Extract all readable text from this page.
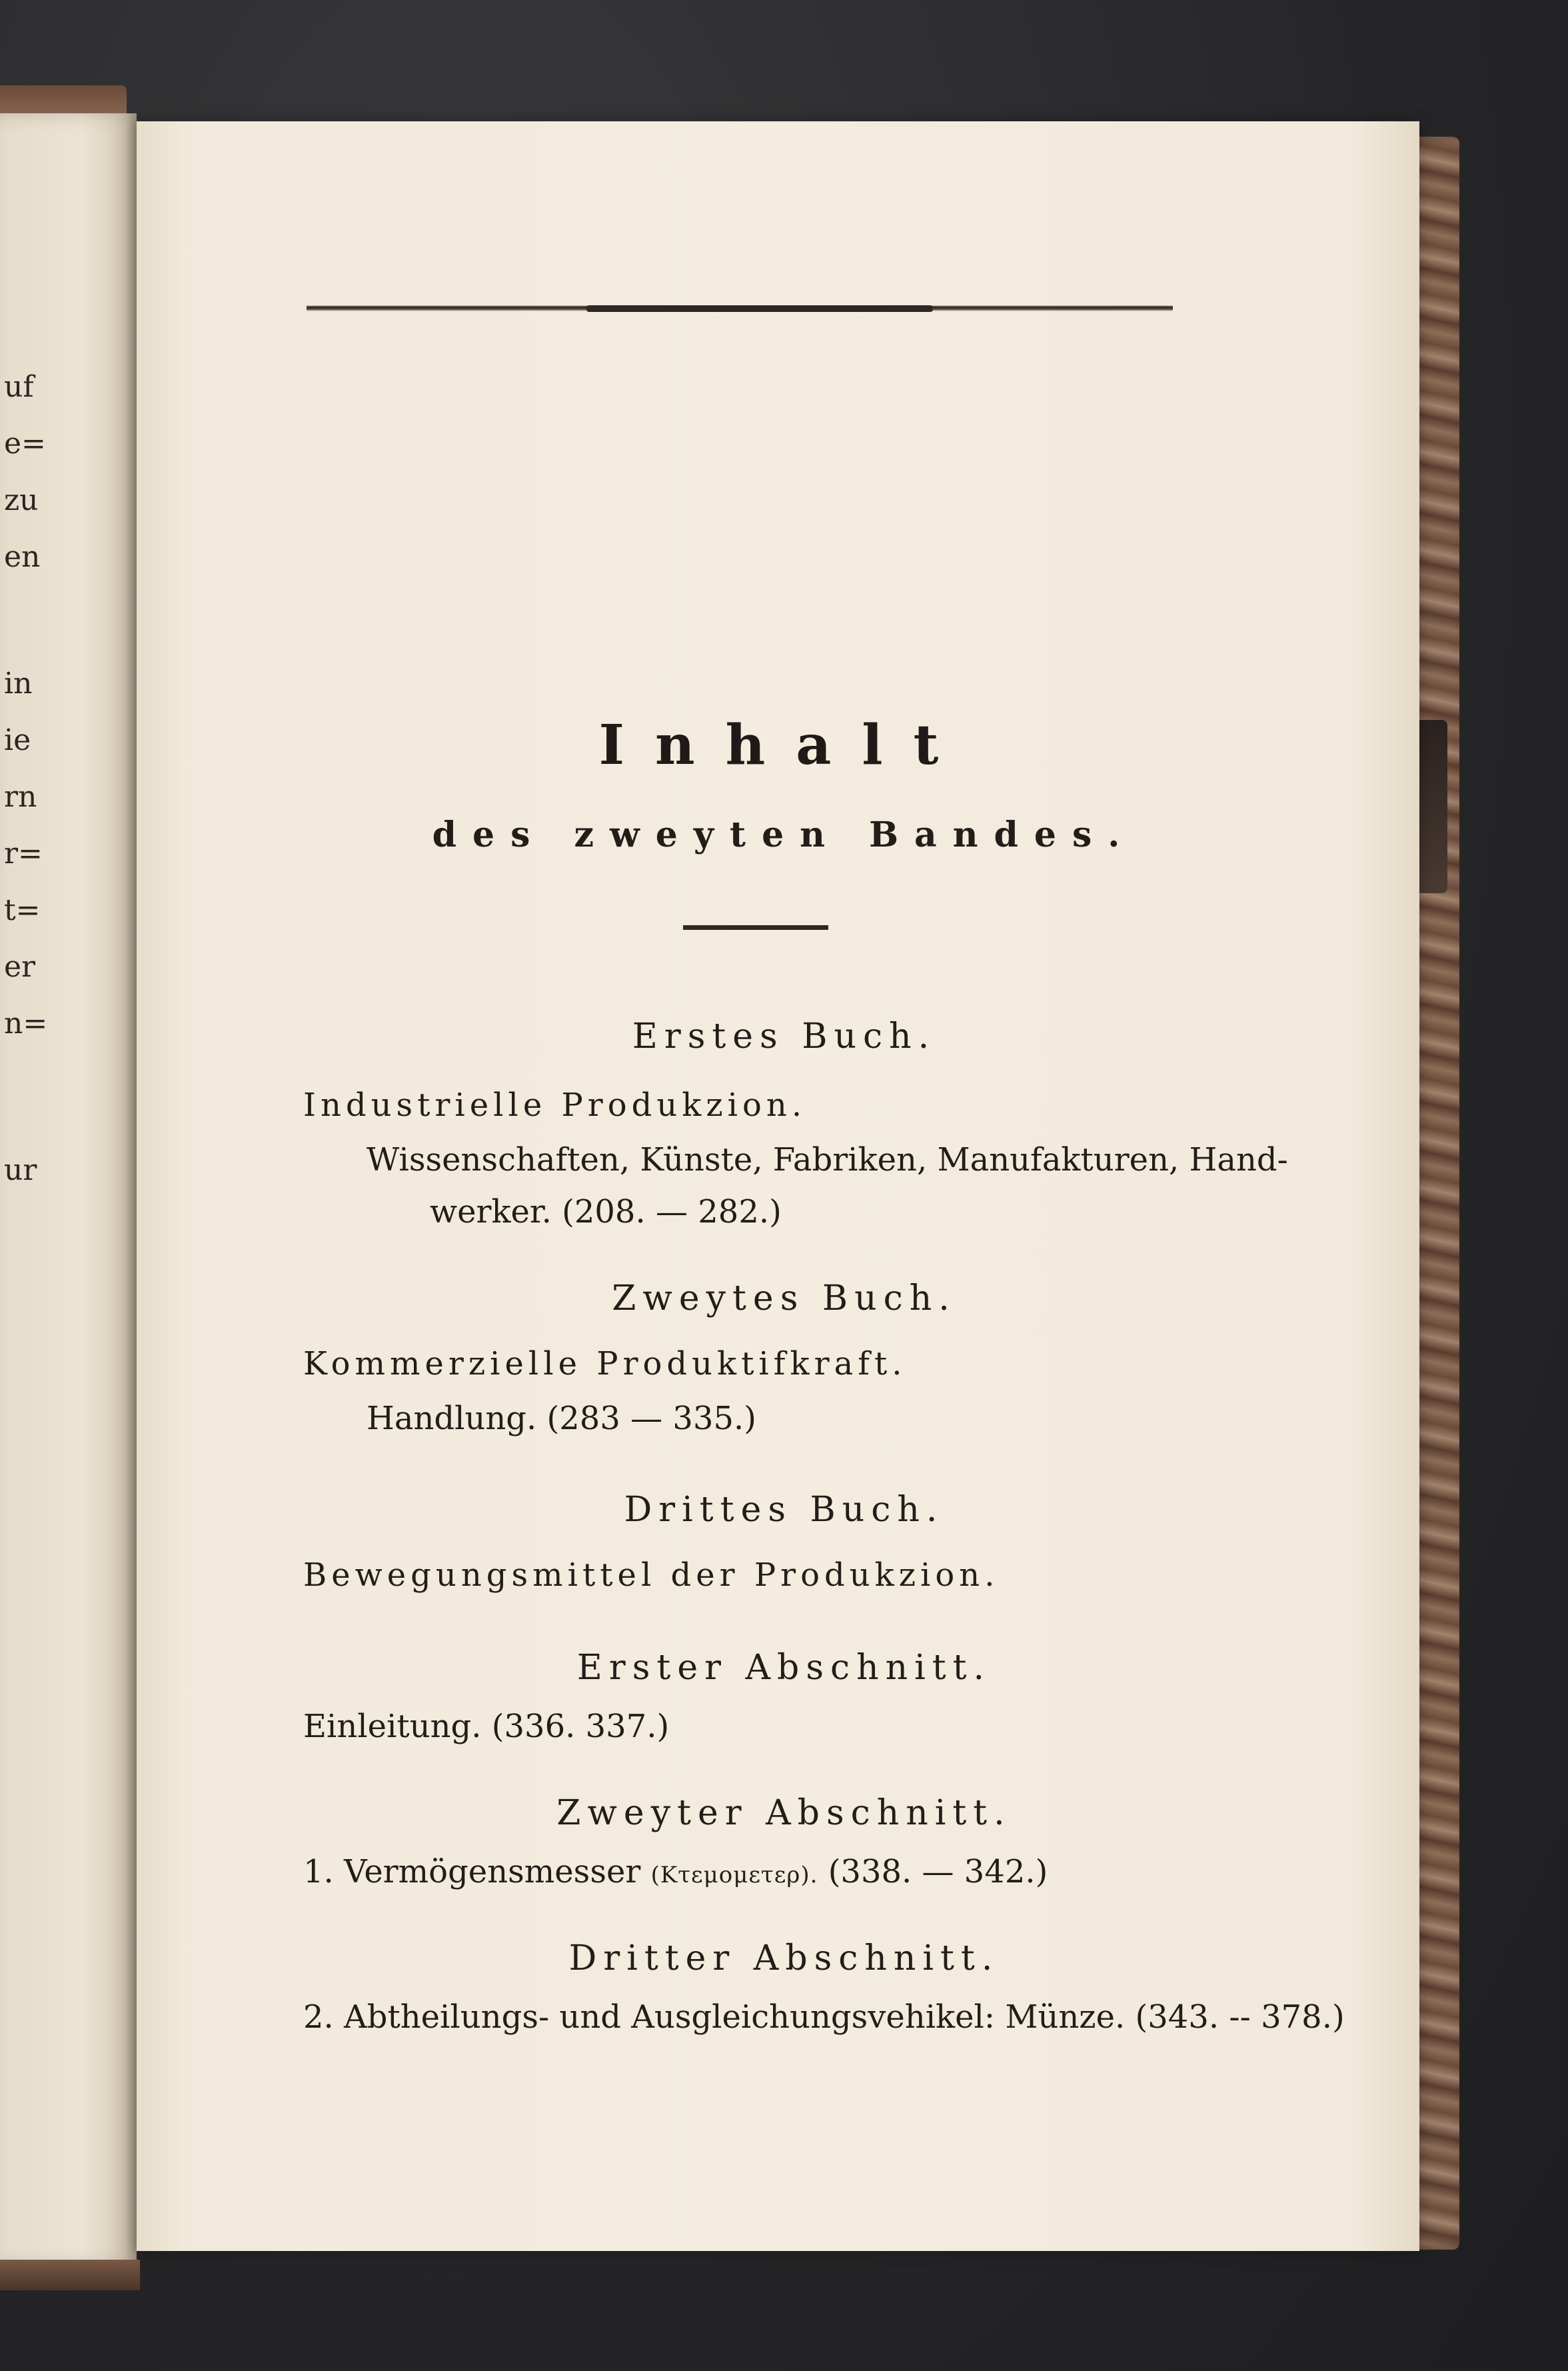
uf
e=
zu
en
in
ie
rn
r=
t=
er
n=
ur
Inhalt
des zweyten Bandes.
Erstes Buch.
Industrielle Produkzion.
Wissenschaften, Künste, Fabriken, Manufakturen, Hand-
werker. (208. — 282.)
Zweytes Buch.
Kommerzielle Produktifkraft.
Handlung. (283 — 335.)
Drittes Buch.
Bewegungsmittel der Produkzion.
Erster Abschnitt.
Einleitung. (336. 337.)
Zweyter Abschnitt.
1. Vermögensmesser (Κτεμομετερ). (338. — 342.)
Dritter Abschnitt.
2. Abtheilungs- und Ausgleichungsvehikel: Münze. (343. -- 378.)
